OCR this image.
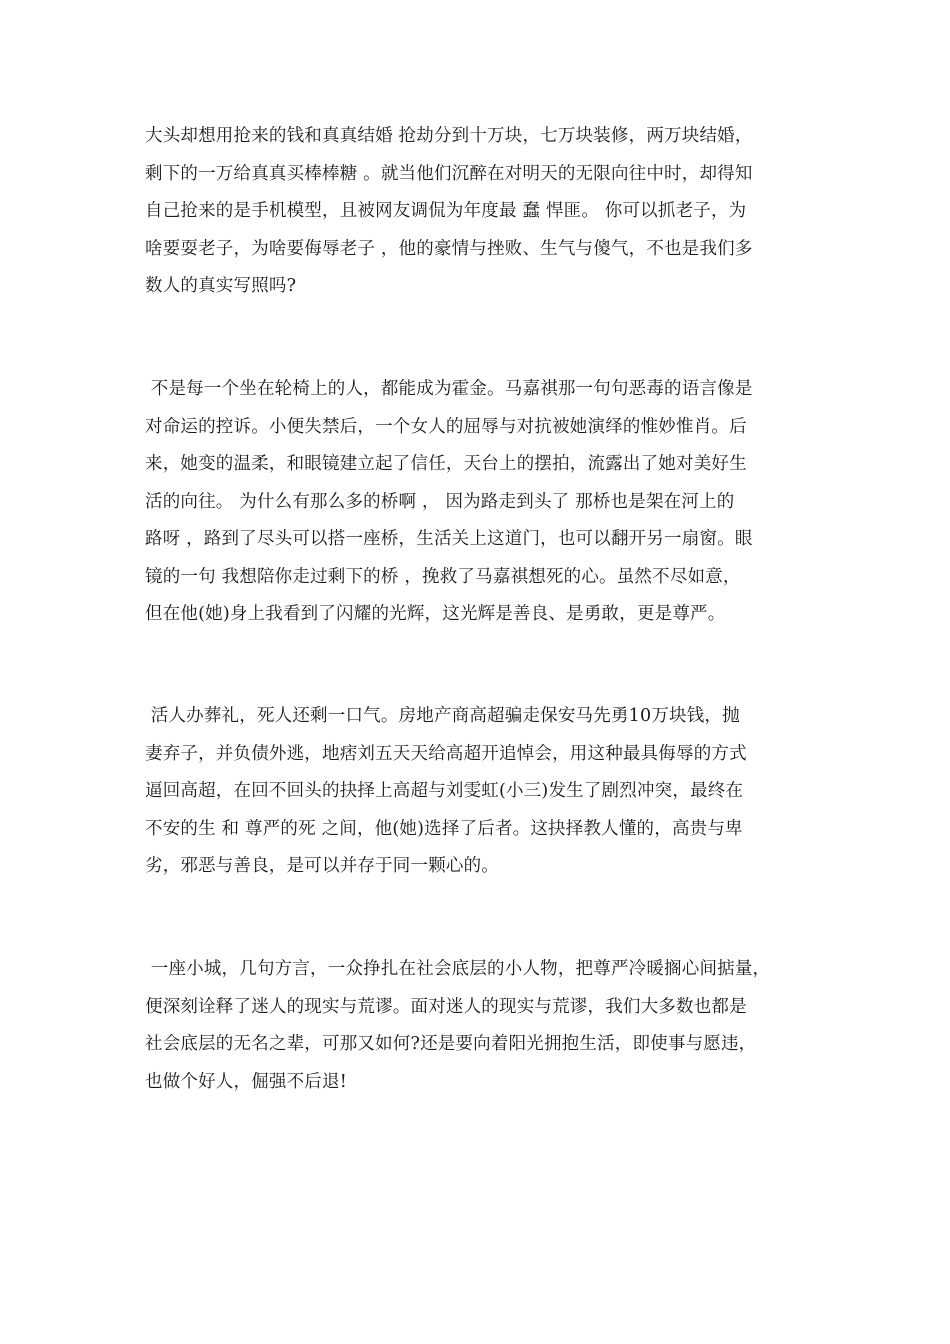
大头却想用抢来的钱和真真结婚 抢劫分到十万块，七万块装修，两万块结婚，
剩下的一万给真真买棒棒糖 。就当他们沉醉在对明天的无限向往中时，却得知
自己抢来的是手机模型，且被网友调侃为年度最 蠢 悍匪。 你可以抓老子，为
啥要耍老子，为啥要侮辱老子 ，他的豪情与挫败、生气与傻气，不也是我们多
数人的真实写照吗?
不是每一个坐在轮椅上的人，都能成为霍金。马嘉祺那一句句恶毒的语言像是
对命运的控诉。小便失禁后，一个女人的屈辱与对抗被她演绎的惟妙惟肖。后
来，她变的温柔，和眼镜建立起了信任，天台上的摆拍，流露出了她对美好生
活的向往。 为什么有那么多的桥啊 ， 因为路走到头了 那桥也是架在河上的
路呀 ，路到了尽头可以搭一座桥，生活关上这道门，也可以翻开另一扇窗。眼
镜的一句 我想陪你走过剩下的桥 ，挽救了马嘉祺想死的心。虽然不尽如意，
但在他(她)身上我看到了闪耀的光辉，这光辉是善良、是勇敢，更是尊严。
活人办葬礼，死人还剩一口气。房地产商高超骗走保安马先勇10万块钱，抛
妻弃子，并负债外逃，地痞刘五天天给高超开追悼会，用这种最具侮辱的方式
逼回高超，在回不回头的抉择上高超与刘雯虹(小三)发生了剧烈冲突，最终在
不安的生 和 尊严的死 之间，他(她)选择了后者。这抉择教人懂的，高贵与卑
劣，邪恶与善良，是可以并存于同一颗心的。
一座小城，几句方言，一众挣扎在社会底层的小人物，把尊严冷暖搁心间掂量，
便深刻诠释了迷人的现实与荒谬。面对迷人的现实与荒谬，我们大多数也都是
社会底层的无名之辈，可那又如何?还是要向着阳光拥抱生活，即使事与愿违，
也做个好人，倔强不后退!
